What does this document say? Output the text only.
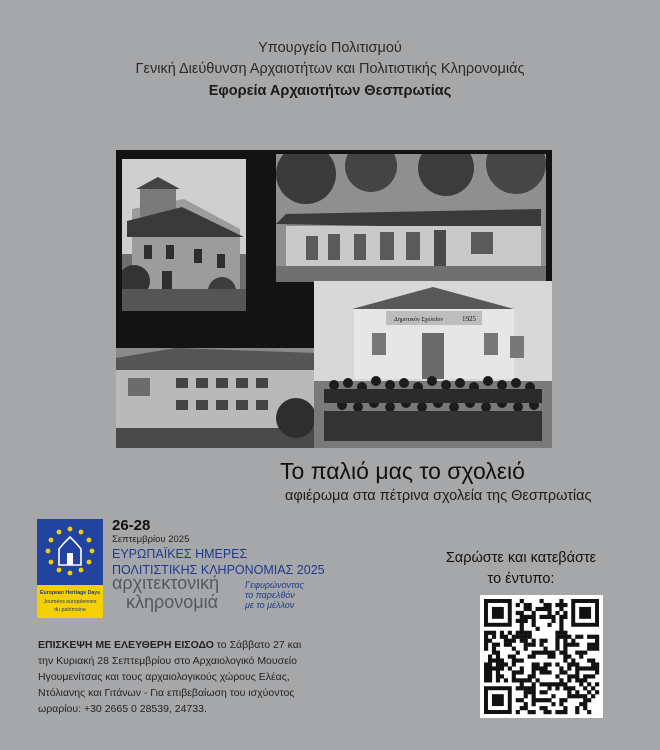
Υπουργείο Πολιτισμού
Γενική Διεύθυνση Αρχαιοτήτων και Πολιτιστικής Κληρονομιάς
Εφορεία Αρχαιοτήτων Θεσπρωτίας
Δημοτικόν Σχολεῖον	1925
Το παλιό μας το σχολειό
αφιέρωμα στα πέτρινα σχολεία της Θεσπρωτίας
European Heritage Days
Journées européennes
du patrimoine
26-28
Σεπτεμβρίου 2025
ΕΥΡΩΠΑΪΚΕΣ ΗΜΕΡΕΣ
ΠΟΛΙΤΙΣΤΙΚΗΣ ΚΛΗΡΟΝΟΜΙΑΣ 2025
αρχιτεκτονική
κληρονομιά
Γεφυρώνοντας
το παρελθόν
με το μέλλον
ΕΠΙΣΚΕΨΗ ΜΕ ΕΛΕΥΘΕΡΗ ΕΙΣΟΔΟ το Σάββατο 27 και την Κυριακή 28 Σεπτεμβρίου στο Αρχαιολογικό Μουσείο Ηγουμενίτσας και τους αρχαιολογικούς χώρους Ελέας, Ντόλιανης και Γιτάνων - Για επιβεβαίωση του ισχύοντος ωραρίου: +30 2665 0 28539, 24733.
Σαρώστε και κατεβάστε
το έντυπο:
